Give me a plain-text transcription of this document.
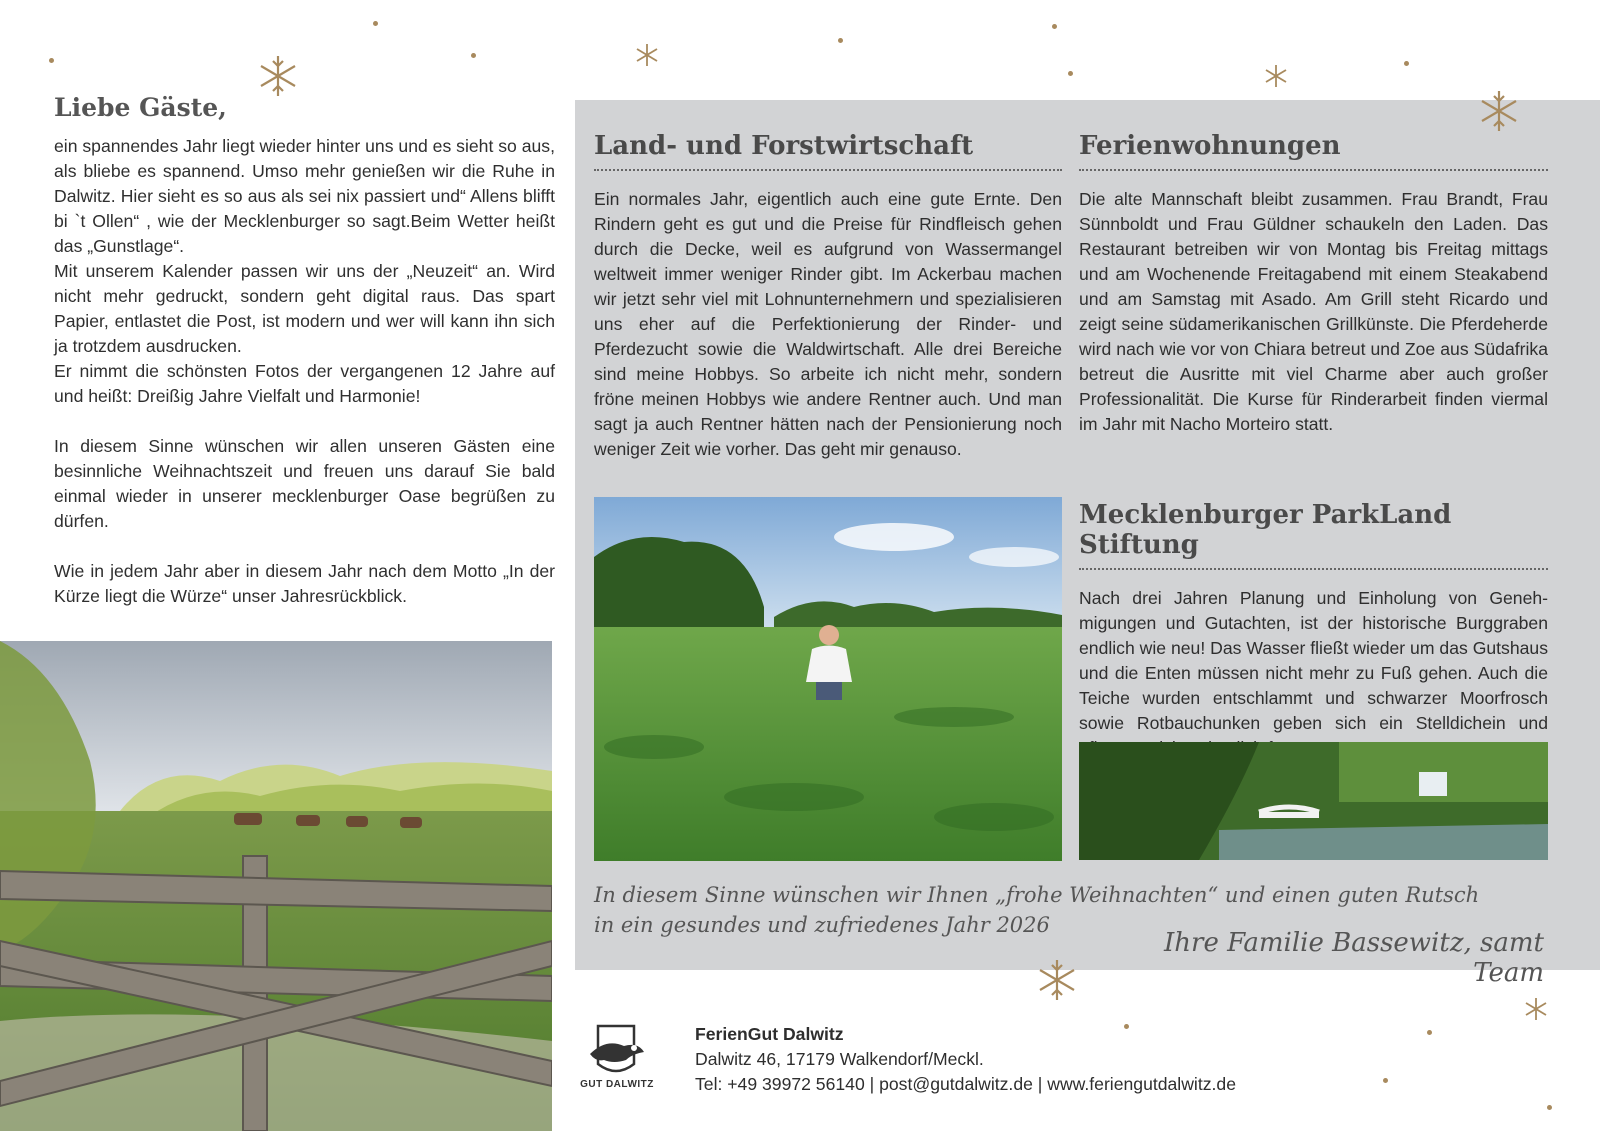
Liebe Gäste,

ein spannendes Jahr liegt wieder hinter uns und es sieht so aus, als bliebe es spannend. Umso mehr genießen wir die Ruhe in Dalwitz. Hier sieht es so aus als sei nix passiert und“ Allens blifft bi `t Ollen“ , wie der Mecklenburger so sagt.Beim Wetter heißt das „Gunstlage“.

Mit unserem Kalender passen wir uns der „Neuzeit“ an. Wird nicht mehr gedruckt, sondern geht digital raus. Das spart Papier, entlastet die Post, ist modern und wer will kann ihn sich ja trotzdem ausdrucken.

Er nimmt die schönsten Fotos der vergangenen 12 Jahre auf und heißt: Dreißig Jahre Vielfalt und Harmonie!

In diesem Sinne wünschen wir allen unseren Gästen eine besinnliche Weihnachtszeit und freuen uns darauf Sie bald einmal wieder in unserer mecklenburger Oase begrüßen zu dürfen.

Wie in jedem Jahr aber in diesem Jahr nach dem Motto „In der Kürze liegt die Würze“ unser Jahresrückblick.

Land- und Forstwirtschaft

Ein normales Jahr, eigentlich auch eine gute Ernte. Den Rindern geht es gut und die Preise für Rindfleisch gehen durch die Decke, weil es aufgrund von Wassermangel weltweit immer weniger Rinder gibt. Im Ackerbau machen wir jetzt sehr viel mit Lohnunternehmern und spezialisieren uns eher auf die Perfektionierung der Rinder- und Pferdezucht sowie die Waldwirtschaft. Alle drei Bereiche sind meine Hobbys. So arbeite ich nicht mehr, sondern fröne meinen Hobbys wie andere Rentner auch. Und man sagt ja auch Rentner hätten nach der Pensionierung noch weniger Zeit wie vorher. Das geht mir genauso.

Ferienwohnungen

Die alte Mannschaft bleibt zusammen. Frau Brandt, Frau Sünnboldt und Frau Güldner schaukeln den Laden. Das Restaurant betreiben wir von Montag bis Freitag mittags und am Wochenende Freitagabend mit einem Steakabend und am Samstag mit Asado. Am Grill steht Ricardo und zeigt seine südamerikanischen Grillkünste. Die Pferdeherde wird nach wie vor von Chiara betreut und Zoe aus Südafrika betreut die Ausritte mit viel Charme aber auch großer Professionalität. Die Kurse für Rinderarbeit finden viermal im Jahr mit Nacho Morteiro statt.

Mecklenburger ParkLand Stiftung

Nach drei Jahren Planung und Einholung von Genehmigungen und Gutachten, ist der historische Burggraben endlich wie neu! Das Wasser fließt wieder um das Gutshaus und die Enten müssen nicht mehr zu Fuß gehen. Auch die Teiche wurden entschlammt und schwarzer Moorfrosch sowie Rotbauchunken geben sich ein Stelldichein und

In diesem Sinne wünschen wir Ihnen „frohe Weihnachten“ und einen guten Rutsch
in ein gesundes und zufriedenes Jahr 2026
Ihre Familie Bassewitz, samt Team
GUT DALWITZ
FerienGut Dalwitz
Dalwitz 46, 17179 Walkendorf/Meckl.
Tel: +49 39972 56140 | post@gutdalwitz.de | www.feriengutdalwitz.de
